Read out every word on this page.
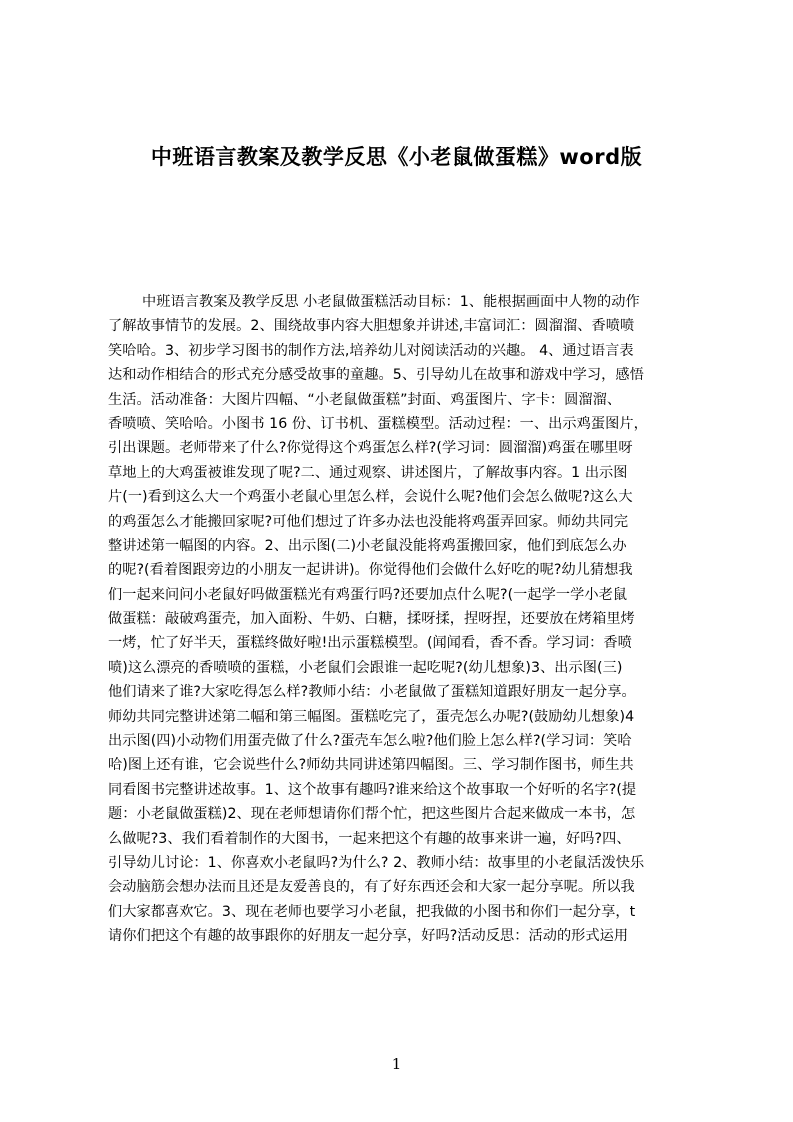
中班语言教案及教学反思《小老鼠做蛋糕》word版
中班语言教案及教学反思 小老鼠做蛋糕活动目标：1、能根据画面中人物的动作
了解故事情节的发展。2、围绕故事内容大胆想象并讲述,丰富词汇：圆溜溜、香喷喷
笑哈哈。3、初步学习图书的制作方法,培养幼儿对阅读活动的兴趣。 4、通过语言表
达和动作相结合的形式充分感受故事的童趣。5、引导幼儿在故事和游戏中学习，感悟
生活。活动准备：大图片四幅、“小老鼠做蛋糕”封面、鸡蛋图片、字卡：圆溜溜、
香喷喷、笑哈哈。小图书 16 份、订书机、蛋糕模型。活动过程：一、出示鸡蛋图片，
引出课题。老师带来了什么?你觉得这个鸡蛋怎么样?(学习词：圆溜溜)鸡蛋在哪里呀
草地上的大鸡蛋被谁发现了呢?二、通过观察、讲述图片，了解故事内容。1 出示图
片(一)看到这么大一个鸡蛋小老鼠心里怎么样，会说什么呢?他们会怎么做呢?这么大
的鸡蛋怎么才能搬回家呢?可他们想过了许多办法也没能将鸡蛋弄回家。师幼共同完
整讲述第一幅图的内容。2、出示图(二)小老鼠没能将鸡蛋搬回家，他们到底怎么办
的呢?(看着图跟旁边的小朋友一起讲讲)。你觉得他们会做什么好吃的呢?幼儿猜想我
们一起来问问小老鼠好吗做蛋糕光有鸡蛋行吗?还要加点什么呢?(一起学一学小老鼠
做蛋糕：敲破鸡蛋壳，加入面粉、牛奶、白糖，揉呀揉，捏呀捏，还要放在烤箱里烤
一烤，忙了好半天，蛋糕终做好啦!出示蛋糕模型。(闻闻看，香不香。学习词：香喷
喷)这么漂亮的香喷喷的蛋糕，小老鼠们会跟谁一起吃呢?(幼儿想象)3、出示图(三)
他们请来了谁?大家吃得怎么样?教师小结：小老鼠做了蛋糕知道跟好朋友一起分享。
师幼共同完整讲述第二幅和第三幅图。蛋糕吃完了，蛋壳怎么办呢?(鼓励幼儿想象)4
出示图(四)小动物们用蛋壳做了什么?蛋壳车怎么啦?他们脸上怎么样?(学习词：笑哈
哈)图上还有谁，它会说些什么?师幼共同讲述第四幅图。三、学习制作图书，师生共
同看图书完整讲述故事。1、这个故事有趣吗?谁来给这个故事取一个好听的名字?(提
题：小老鼠做蛋糕)2、现在老师想请你们帮个忙，把这些图片合起来做成一本书，怎
么做呢?3、我们看着制作的大图书，一起来把这个有趣的故事来讲一遍，好吗?四、
引导幼儿讨论：1、你喜欢小老鼠吗?为什么? 2、教师小结：故事里的小老鼠活泼快乐
会动脑筋会想办法而且还是友爱善良的，有了好东西还会和大家一起分享呢。所以我
们大家都喜欢它。3、现在老师也要学习小老鼠，把我做的小图书和你们一起分享，t
请你们把这个有趣的故事跟你的好朋友一起分享，好吗?活动反思：活动的形式运用
1
